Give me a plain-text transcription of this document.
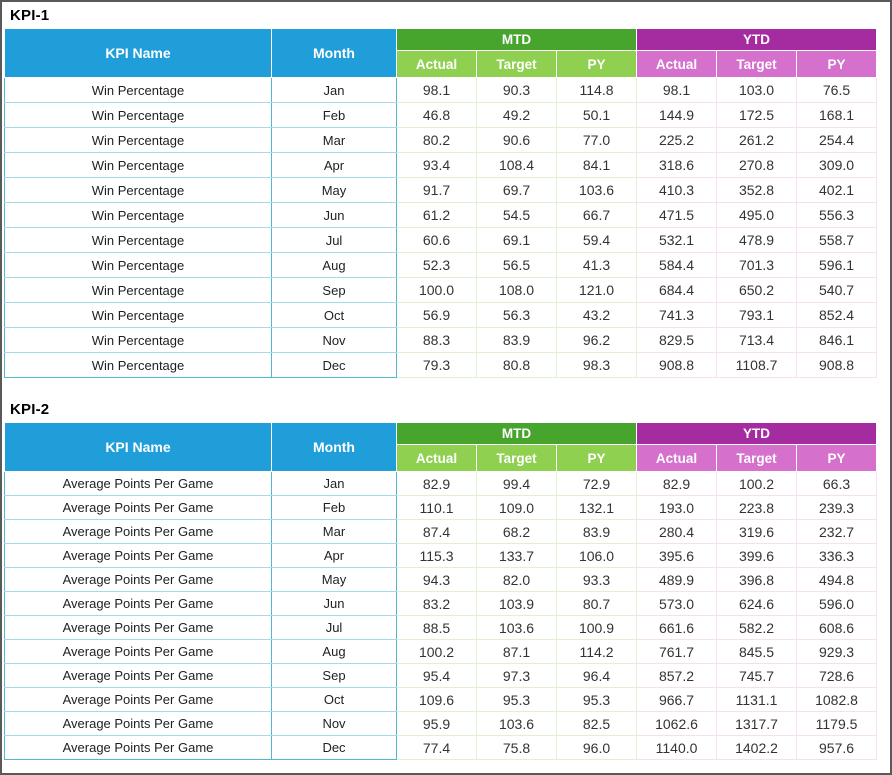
KPI-1
KPI Name	Month	MTD			YTD		
		Actual	Target	PY	Actual	Target	PY
Win Percentage	Jan	98.1	90.3	114.8	98.1	103.0	76.5
Win Percentage	Feb	46.8	49.2	50.1	144.9	172.5	168.1
Win Percentage	Mar	80.2	90.6	77.0	225.2	261.2	254.4
Win Percentage	Apr	93.4	108.4	84.1	318.6	270.8	309.0
Win Percentage	May	91.7	69.7	103.6	410.3	352.8	402.1
Win Percentage	Jun	61.2	54.5	66.7	471.5	495.0	556.3
Win Percentage	Jul	60.6	69.1	59.4	532.1	478.9	558.7
Win Percentage	Aug	52.3	56.5	41.3	584.4	701.3	596.1
Win Percentage	Sep	100.0	108.0	121.0	684.4	650.2	540.7
Win Percentage	Oct	56.9	56.3	43.2	741.3	793.1	852.4
Win Percentage	Nov	88.3	83.9	96.2	829.5	713.4	846.1
Win Percentage	Dec	79.3	80.8	98.3	908.8	1108.7	908.8
KPI-2
KPI Name	Month	MTD			YTD		
		Actual	Target	PY	Actual	Target	PY
Average Points Per Game	Jan	82.9	99.4	72.9	82.9	100.2	66.3
Average Points Per Game	Feb	110.1	109.0	132.1	193.0	223.8	239.3
Average Points Per Game	Mar	87.4	68.2	83.9	280.4	319.6	232.7
Average Points Per Game	Apr	115.3	133.7	106.0	395.6	399.6	336.3
Average Points Per Game	May	94.3	82.0	93.3	489.9	396.8	494.8
Average Points Per Game	Jun	83.2	103.9	80.7	573.0	624.6	596.0
Average Points Per Game	Jul	88.5	103.6	100.9	661.6	582.2	608.6
Average Points Per Game	Aug	100.2	87.1	114.2	761.7	845.5	929.3
Average Points Per Game	Sep	95.4	97.3	96.4	857.2	745.7	728.6
Average Points Per Game	Oct	109.6	95.3	95.3	966.7	1131.1	1082.8
Average Points Per Game	Nov	95.9	103.6	82.5	1062.6	1317.7	1179.5
Average Points Per Game	Dec	77.4	75.8	96.0	1140.0	1402.2	957.6
